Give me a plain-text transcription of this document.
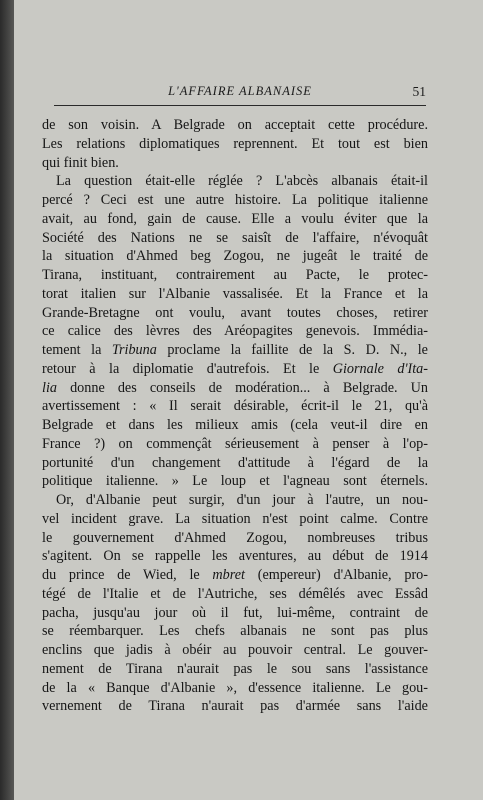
L'AFFAIRE ALBANAISE	51
de son voisin. A Belgrade on acceptait cette procédure.
Les relations diplomatiques reprennent. Et tout est bien
qui finit bien.
La question était-elle réglée ? L'abcès albanais était-il
percé ? Ceci est une autre histoire. La politique italienne
avait, au fond, gain de cause. Elle a voulu éviter que la
Société des Nations ne se saisît de l'affaire, n'évoquât
la situation d'Ahmed beg Zogou, ne jugeât le traité de
Tirana, instituant, contrairement au Pacte, le protec-
torat italien sur l'Albanie vassalisée. Et la France et la
Grande-Bretagne ont voulu, avant toutes choses, retirer
ce calice des lèvres des Aréopagites genevois. Immédia-
tement la Tribuna proclame la faillite de la S. D. N., le
retour à la diplomatie d'autrefois. Et le Giornale d'Ita-
lia donne des conseils de modération... à Belgrade. Un
avertissement : « Il serait désirable, écrit-il le 21, qu'à
Belgrade et dans les milieux amis (cela veut-il dire en
France ?) on commençât sérieusement à penser à l'op-
portunité d'un changement d'attitude à l'égard de la
politique italienne. » Le loup et l'agneau sont éternels.
Or, d'Albanie peut surgir, d'un jour à l'autre, un nou-
vel incident grave. La situation n'est point calme. Contre
le gouvernement d'Ahmed Zogou, nombreuses tribus
s'agitent. On se rappelle les aventures, au début de 1914
du prince de Wied, le mbret (empereur) d'Albanie, pro-
tégé de l'Italie et de l'Autriche, ses démêlés avec Essâd
pacha, jusqu'au jour où il fut, lui-même, contraint de
se réembarquer. Les chefs albanais ne sont pas plus
enclins que jadis à obéir au pouvoir central. Le gouver-
nement de Tirana n'aurait pas le sou sans l'assistance
de la « Banque d'Albanie », d'essence italienne. Le gou-
vernement de Tirana n'aurait pas d'armée sans l'aide
